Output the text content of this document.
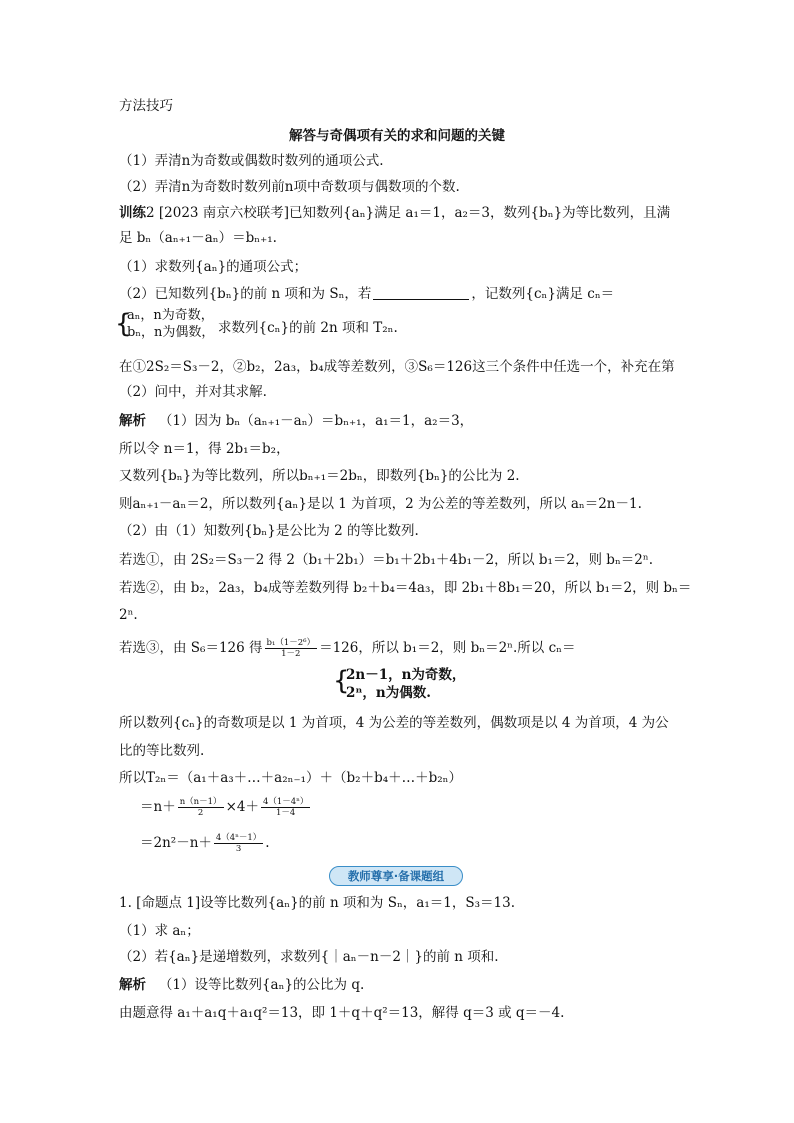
方法技巧
解答与奇偶项有关的求和问题的关键
（1）弄清n为奇数或偶数时数列的通项公式.
（2）弄清n为奇数时数列前n项中奇数项与偶数项的个数.
训练2 [2023 南京六校联考]已知数列{aₙ}满足 a₁＝1，a₂＝3，数列{bₙ}为等比数列，且满
足 bₙ（aₙ₊₁－aₙ）＝bₙ₊₁.
（1）求数列{aₙ}的通项公式；
（2）已知数列{bₙ}的前 n 项和为 Sₙ，若	，记数列{cₙ}满足 cₙ＝
{
aₙ，n为奇数，
bₙ，n为偶数， 求数列{cₙ}的前 2n 项和 T₂ₙ.
在①2S₂＝S₃－2，②b₂，2a₃，b₄成等差数列，③S₆＝126这三个条件中任选一个，补充在第
（2）问中，并对其求解.
解析 （1）因为 bₙ（aₙ₊₁－aₙ）＝bₙ₊₁，a₁＝1，a₂＝3，
所以令 n＝1，得 2b₁＝b₂，
又数列{bₙ}为等比数列，所以bₙ₊₁＝2bₙ，即数列{bₙ}的公比为 2.
则aₙ₊₁－aₙ＝2，所以数列{aₙ}是以 1 为首项，2 为公差的等差数列，所以 aₙ＝2n－1.
（2）由（1）知数列{bₙ}是公比为 2 的等比数列.
若选①，由 2S₂＝S₃－2 得 2（b₁＋2b₁）＝b₁＋2b₁＋4b₁－2，所以 b₁＝2，则 bₙ＝2ⁿ.
若选②，由 b₂，2a₃，b₄成等差数列得 b₂＋b₄＝4a₃，即 2b₁＋8b₁＝20，所以 b₁＝2，则 bₙ＝
2ⁿ.
若选③，由 S₆＝126 得 $\frac{\text{b₁（1－2⁶）}}{1-2} =126$，所以 b₁＝2，则 bₙ＝2ⁿ.所以 cₙ＝
{
2n－1，n为奇数，
2ⁿ，n为偶数.
所以数列{cₙ}的奇数项是以 1 为首项，4 为公差的等差数列，偶数项是以 4 为首项，4 为公
比的等比数列.
所以T₂ₙ＝（a₁＋a₃＋…＋a₂ₙ₋₁）＋（b₂＋b₄＋…＋b₂ₙ）
$=n+ \frac{n(n-1)}{2} \times 4+ \frac{\text{4（1－4ⁿ）}}{1-4}$
$=2n^2-n+ \frac{\text{4（4ⁿ－1）}}{3}$ .
教师尊享·备课题组
1. [命题点 1]设等比数列{aₙ}的前 n 项和为 Sₙ，a₁＝1，S₃＝13.
（1）求 aₙ；
（2）若{aₙ}是递增数列，求数列{｜aₙ－n－2｜}的前 n 项和.
解析 （1）设等比数列{aₙ}的公比为 q.
由题意得 a₁＋a₁q＋a₁q²＝13，即 1＋q＋q²＝13，解得 q＝3 或 q＝－4.
